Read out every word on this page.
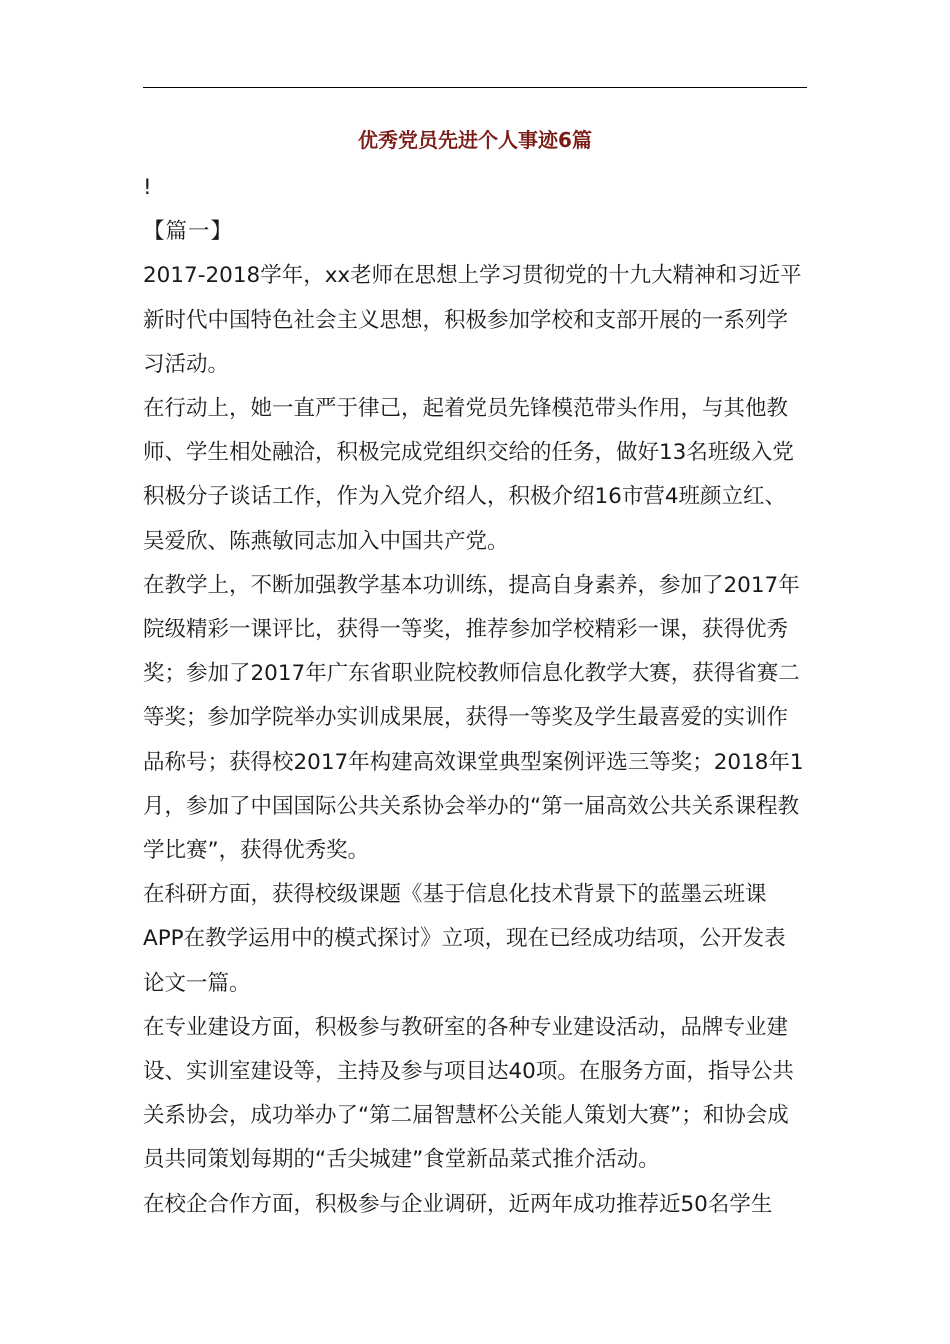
优秀党员先进个人事迹6篇

!

【篇一】

2017-2018学年，xx老师在思想上学习贯彻党的十九大精神和习近平新时代中国特色社会主义思想，积极参加学校和支部开展的一系列学习活动。

在行动上，她一直严于律己，起着党员先锋模范带头作用，与其他教师、学生相处融洽，积极完成党组织交给的任务，做好13名班级入党积极分子谈话工作，作为入党介绍人，积极介绍16市营4班颜立红、吴爱欣、陈燕敏同志加入中国共产党。

在教学上，不断加强教学基本功训练，提高自身素养，参加了2017年院级精彩一课评比，获得一等奖，推荐参加学校精彩一课，获得优秀奖；参加了2017年广东省职业院校教师信息化教学大赛，获得省赛二等奖；参加学院举办实训成果展，获得一等奖及学生最喜爱的实训作品称号；获得校2017年构建高效课堂典型案例评选三等奖；2018年1月，参加了中国国际公共关系协会举办的“第一届高效公共关系课程教学比赛”，获得优秀奖。

在科研方面，获得校级课题《基于信息化技术背景下的蓝墨云班课APP在教学运用中的模式探讨》立项，现在已经成功结项，公开发表论文一篇。

在专业建设方面，积极参与教研室的各种专业建设活动，品牌专业建设、实训室建设等，主持及参与项目达40项。在服务方面，指导公共关系协会，成功举办了“第二届智慧杯公关能人策划大赛”；和协会成员共同策划每期的“舌尖城建”食堂新品菜式推介活动。

在校企合作方面，积极参与企业调研，近两年成功推荐近50名学生
